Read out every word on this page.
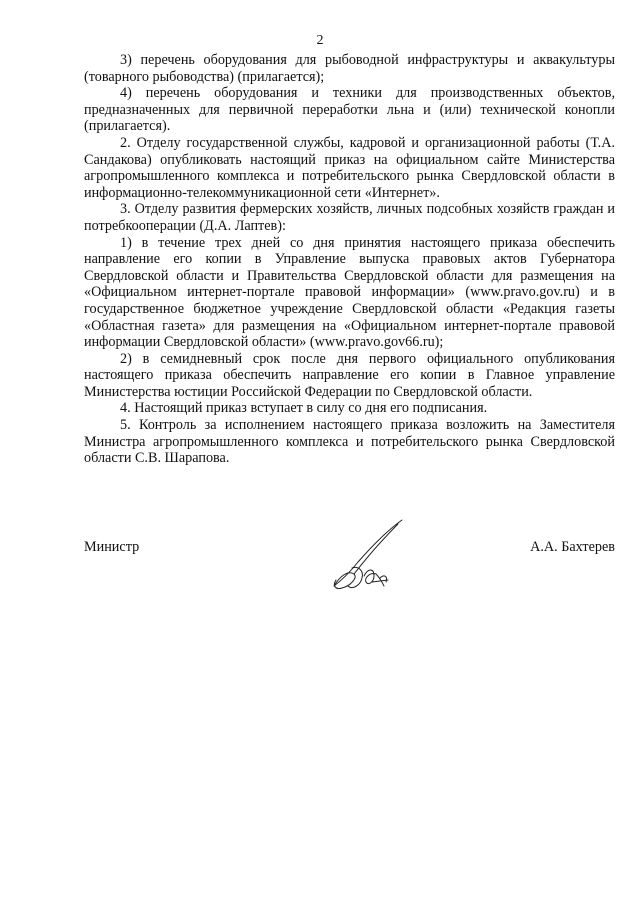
2

3) перечень оборудования для рыбоводной инфраструктуры и аквакультуры (товарного рыбоводства) (прилагается);

4) перечень оборудования и техники для производственных объектов, предназначенных для первичной переработки льна и (или) технической конопли (прилагается).

2. Отделу государственной службы, кадровой и организационной работы (Т.А. Сандакова) опубликовать настоящий приказ на официальном сайте Министерства агропромышленного комплекса и потребительского рынка Свердловской области в информационно-телекоммуникационной сети «Интернет».

3. Отделу развития фермерских хозяйств, личных подсобных хозяйств граждан и потребкооперации (Д.А. Лаптев):

1) в течение трех дней со дня принятия настоящего приказа обеспечить направление его копии в Управление выпуска правовых актов Губернатора Свердловской области и Правительства Свердловской области для размещения на «Официальном интернет-портале правовой информации» (www.pravo.gov.ru) и в государственное бюджетное учреждение Свердловской области «Редакция газеты «Областная газета» для размещения на «Официальном интернет-портале правовой информации Свердловской области» (www.pravo.gov66.ru);

2) в семидневный срок после дня первого официального опубликования настоящего приказа обеспечить направление его копии в Главное управление Министерства юстиции Российской Федерации по Свердловской области.

4. Настоящий приказ вступает в силу со дня его подписания.

5. Контроль за исполнением настоящего приказа возложить на Заместителя Министра агропромышленного комплекса и потребительского рынка Свердловской области С.В. Шарапова.

Министр	А.А. Бахтерев
